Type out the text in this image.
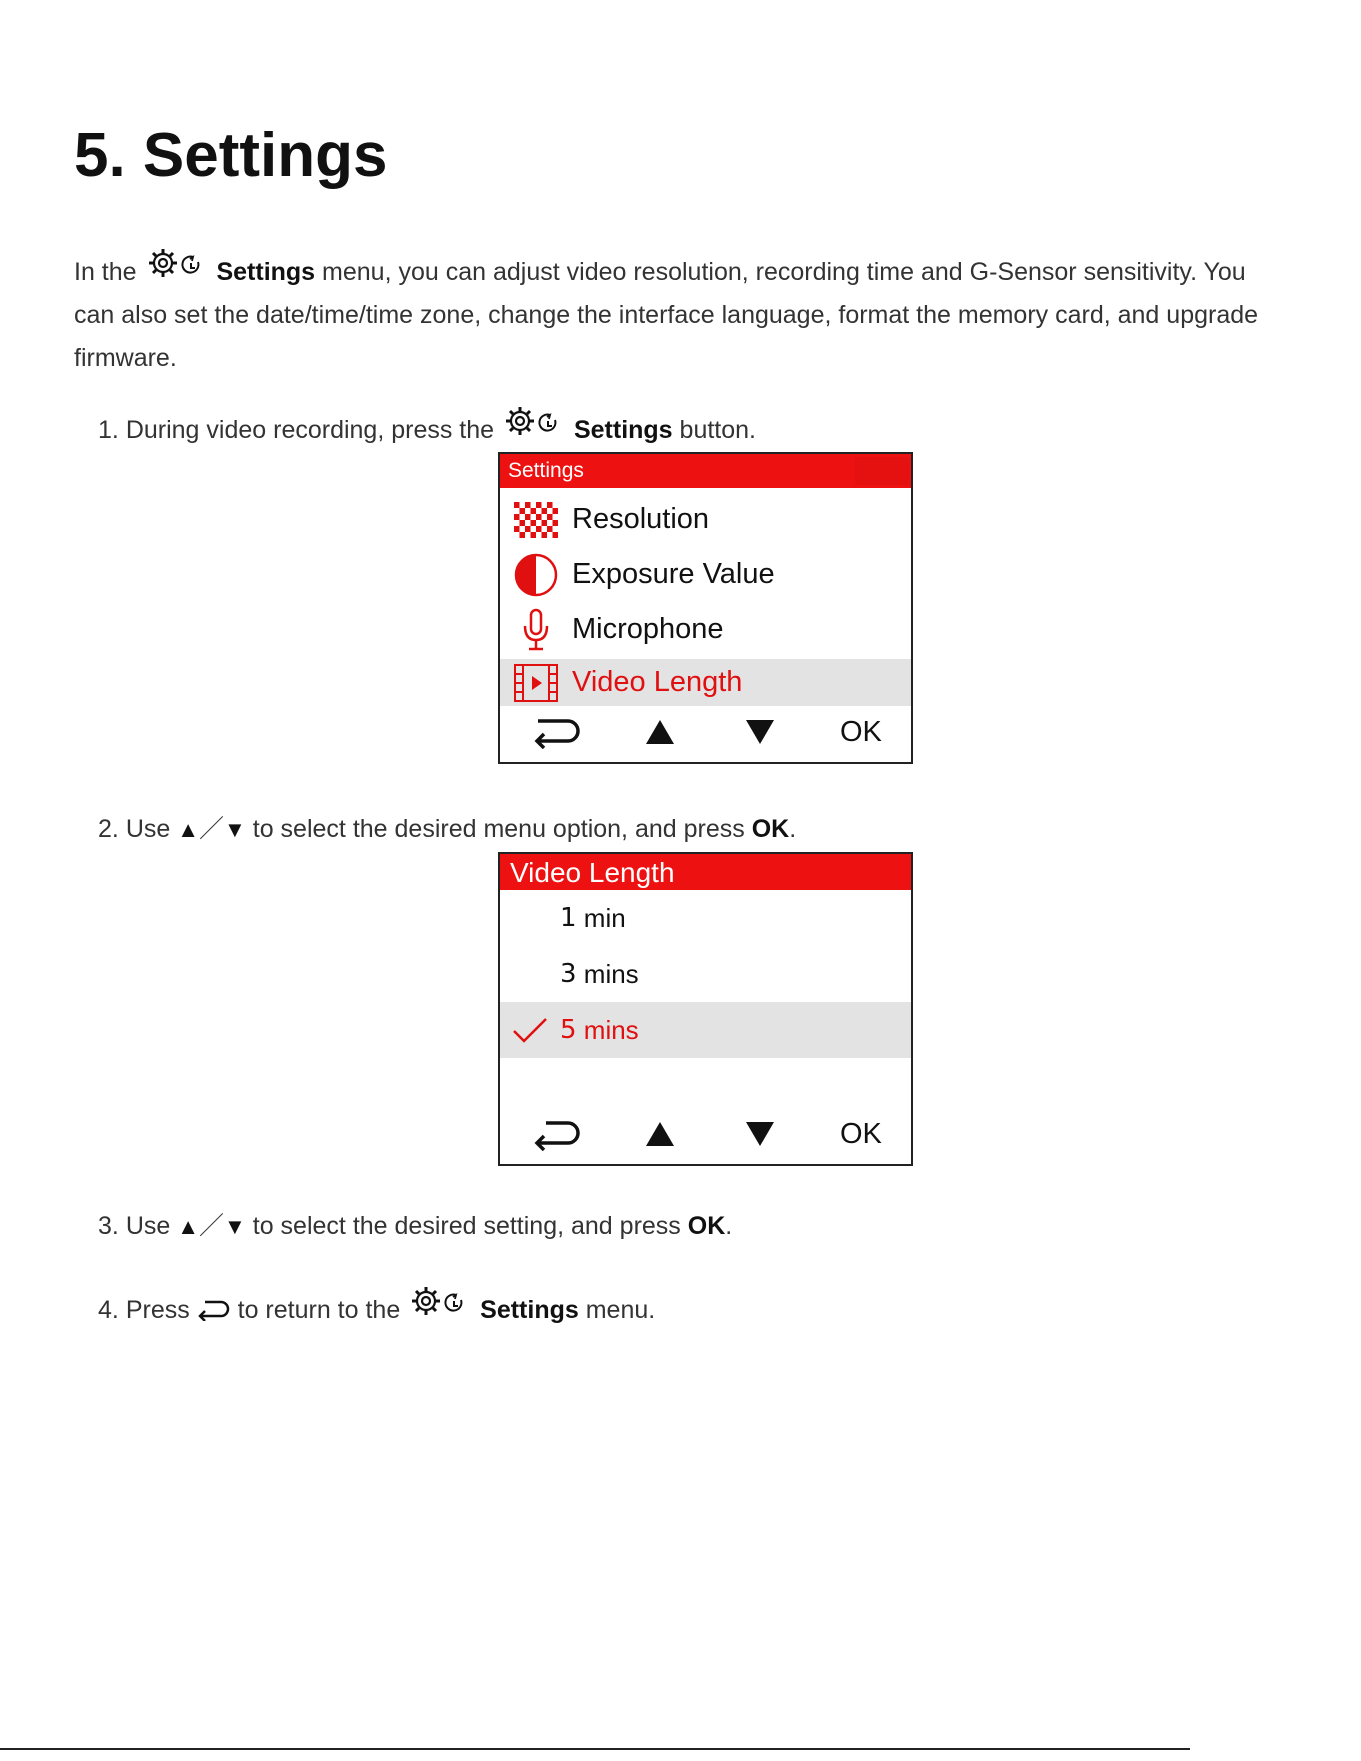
5. Settings
In the	Settings menu, you can adjust video resolution, recording time and G-Sensor sensitivity. You can also set the date/time/time zone, change the interface language, format the memory card, and upgrade firmware.
1. During video recording, press the	Settings button.
Settings
Resolution
Exposure Value
Microphone
Video Length
OK
2. Use ▲／▼ to select the desired menu option, and press OK.
Video Length
1
min
3
mins
5
mins
OK
3. Use ▲／▼ to select the desired setting, and press OK.
4. Press to return to the	Settings menu.
